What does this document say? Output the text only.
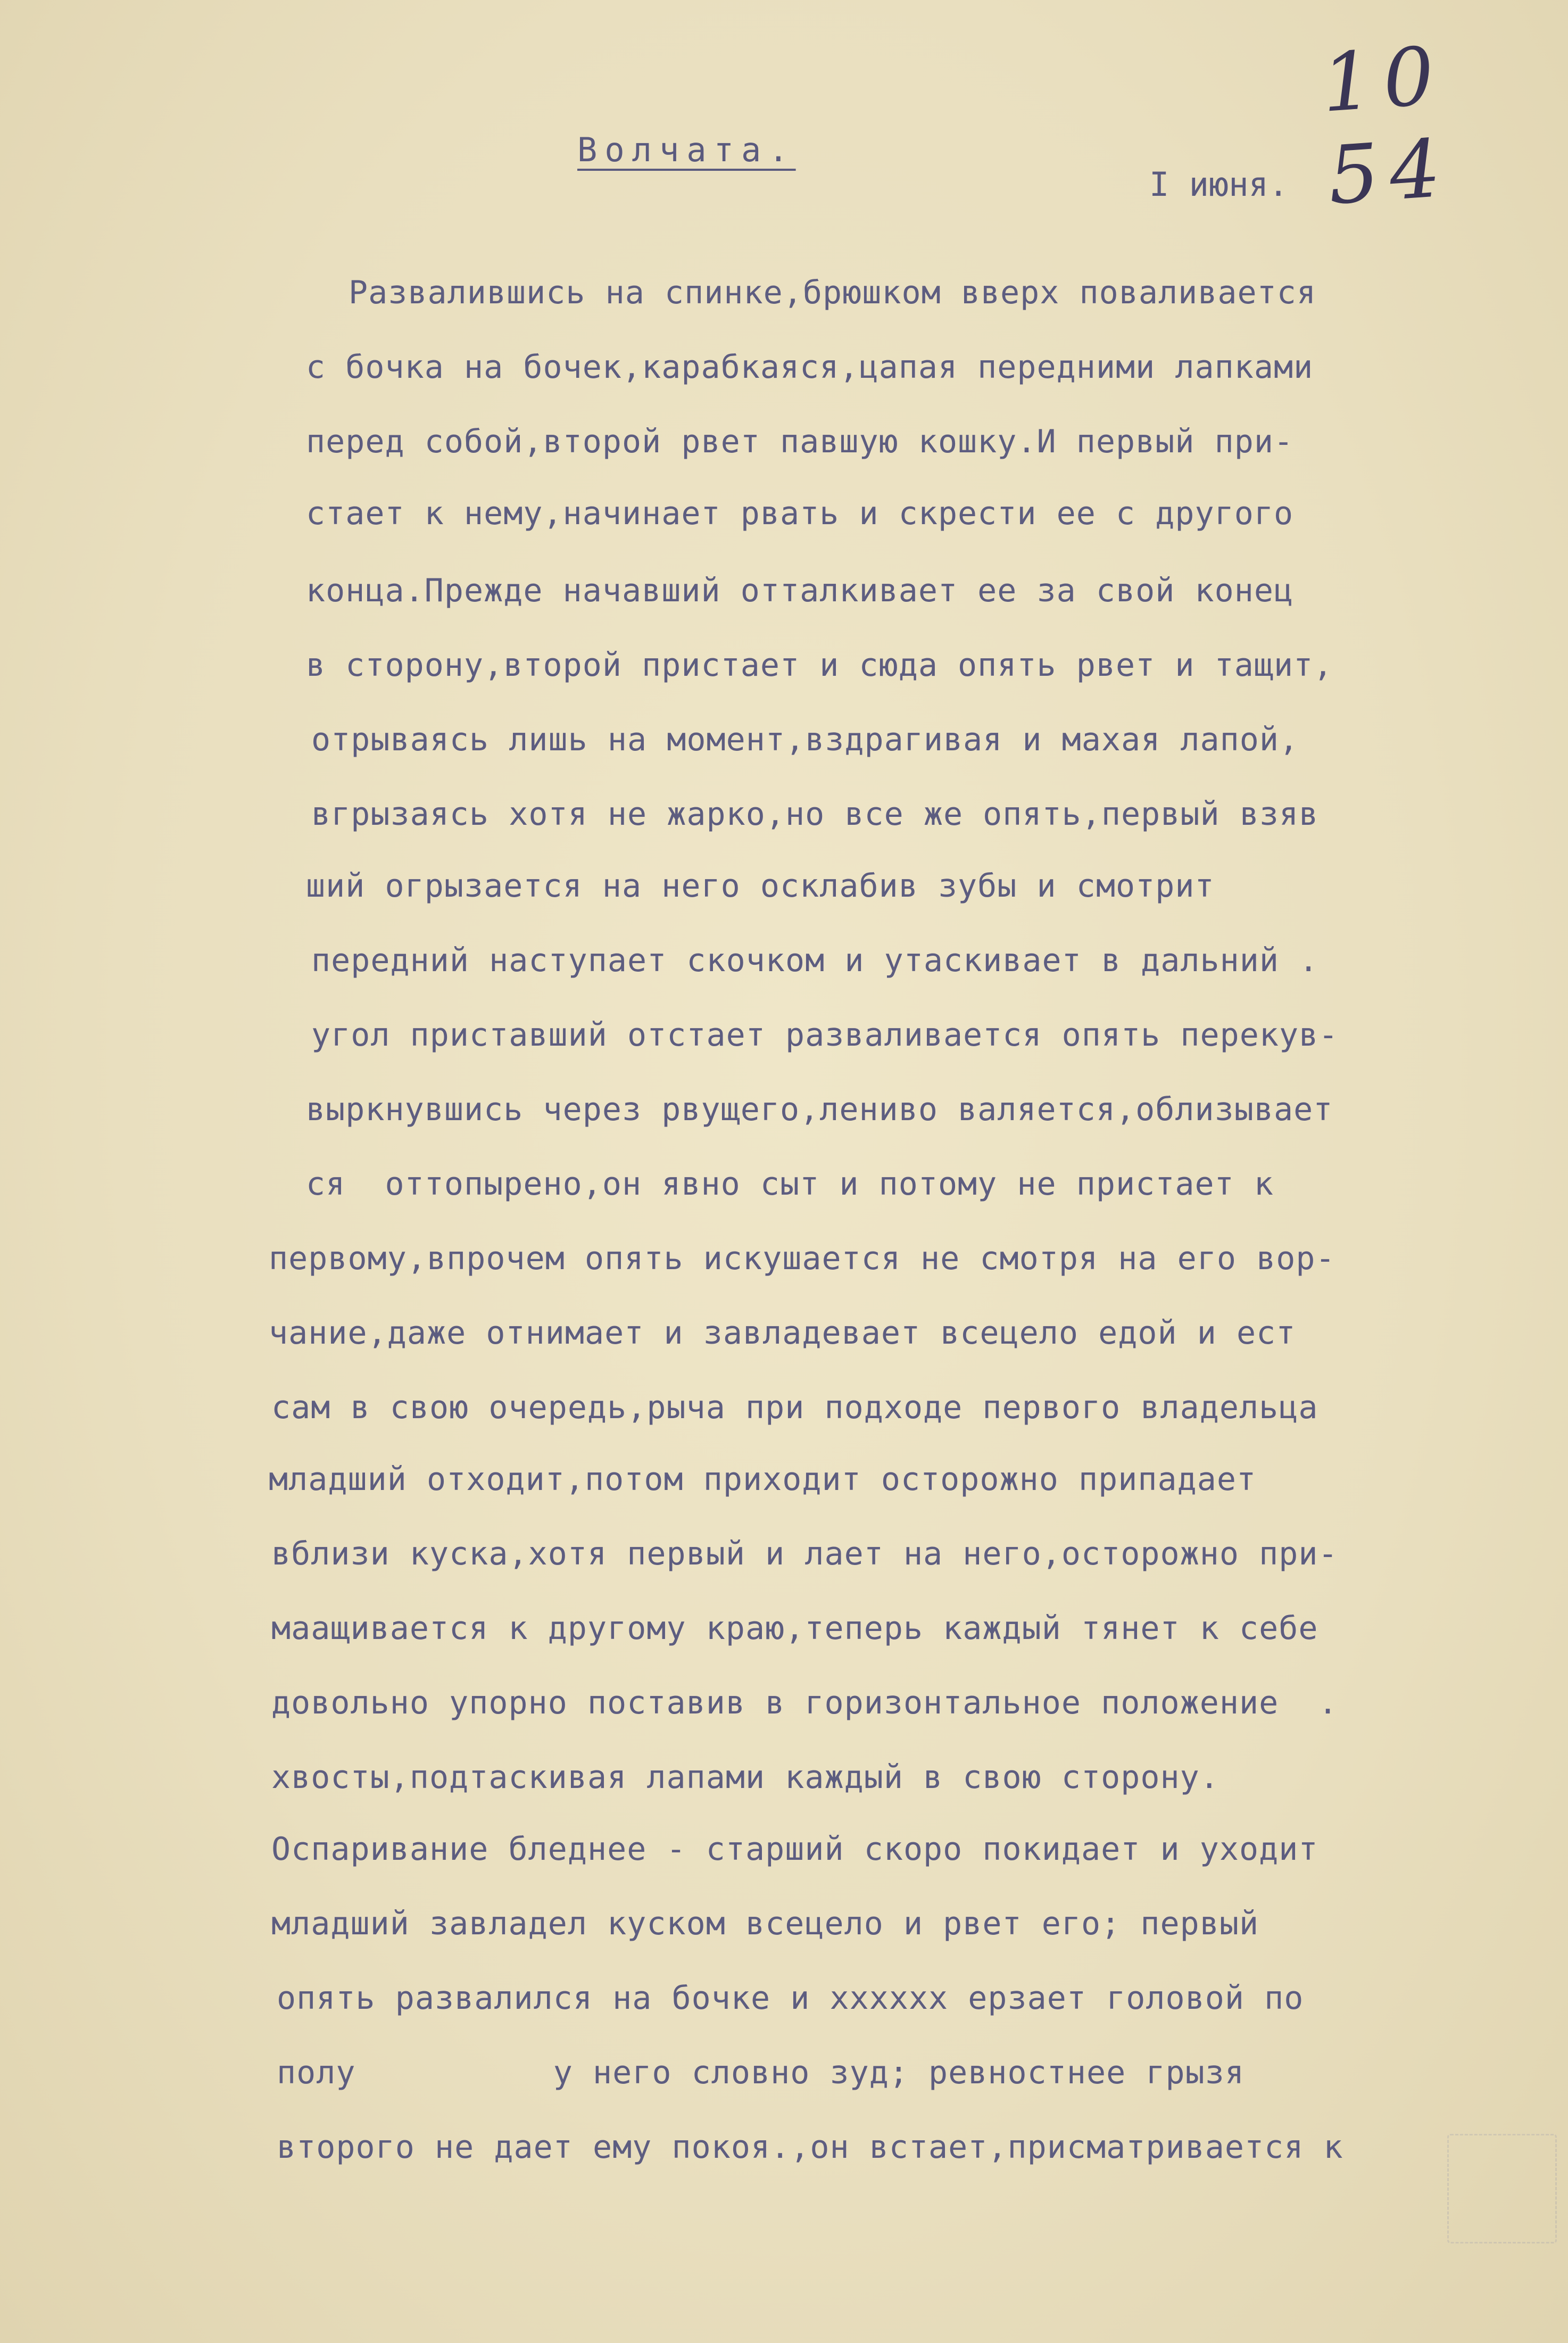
10 54
Волчата.
I июня.
Развалившись на спинке,брюшком вверх поваливается
с бочка на бочек,карабкаяся,цапая передними лапками
перед собой,второй рвет павшую кошку.И первый при-
стает к нему,начинает рвать и скрести ее с другого
конца.Прежде начавший отталкивает ее за свой конец
в сторону,второй пристает и сюда опять рвет и тащит,
отрываясь лишь на момент,вздрагивая и махая лапой,
вгрызаясь хотя не жарко,но все же опять,первый взяв
ший огрызается на него осклабив зубы и смотрит
передний наступает скочком и утаскивает в дальний .
угол приставший отстает разваливается опять перекув-
выркнувшись через рвущего,лениво валяется,облизывает
ся  оттопырено,он явно сыт и потому не пристает к
первому,впрочем опять искушается не смотря на его вор-
чание,даже отнимает и завладевает всецело едой и ест
сам в свою очередь,рыча при подходе первого владельца
младший отходит,потом приходит осторожно припадает
вблизи куска,хотя первый и лает на него,осторожно при-
маащивается к другому краю,теперь каждый тянет к себе
довольно упорно поставив в горизонтальное положение  .
хвосты,подтаскивая лапами каждый в свою сторону.
Оспаривание бледнее - старший скоро покидает и уходит
младший завладел куском всецело и рвет его; первый
опять развалился на бочке и xxxxxx ерзает головой по
полу          у него словно зуд; ревностнее грызя
второго не дает ему покоя.,он встает,присматривается к
